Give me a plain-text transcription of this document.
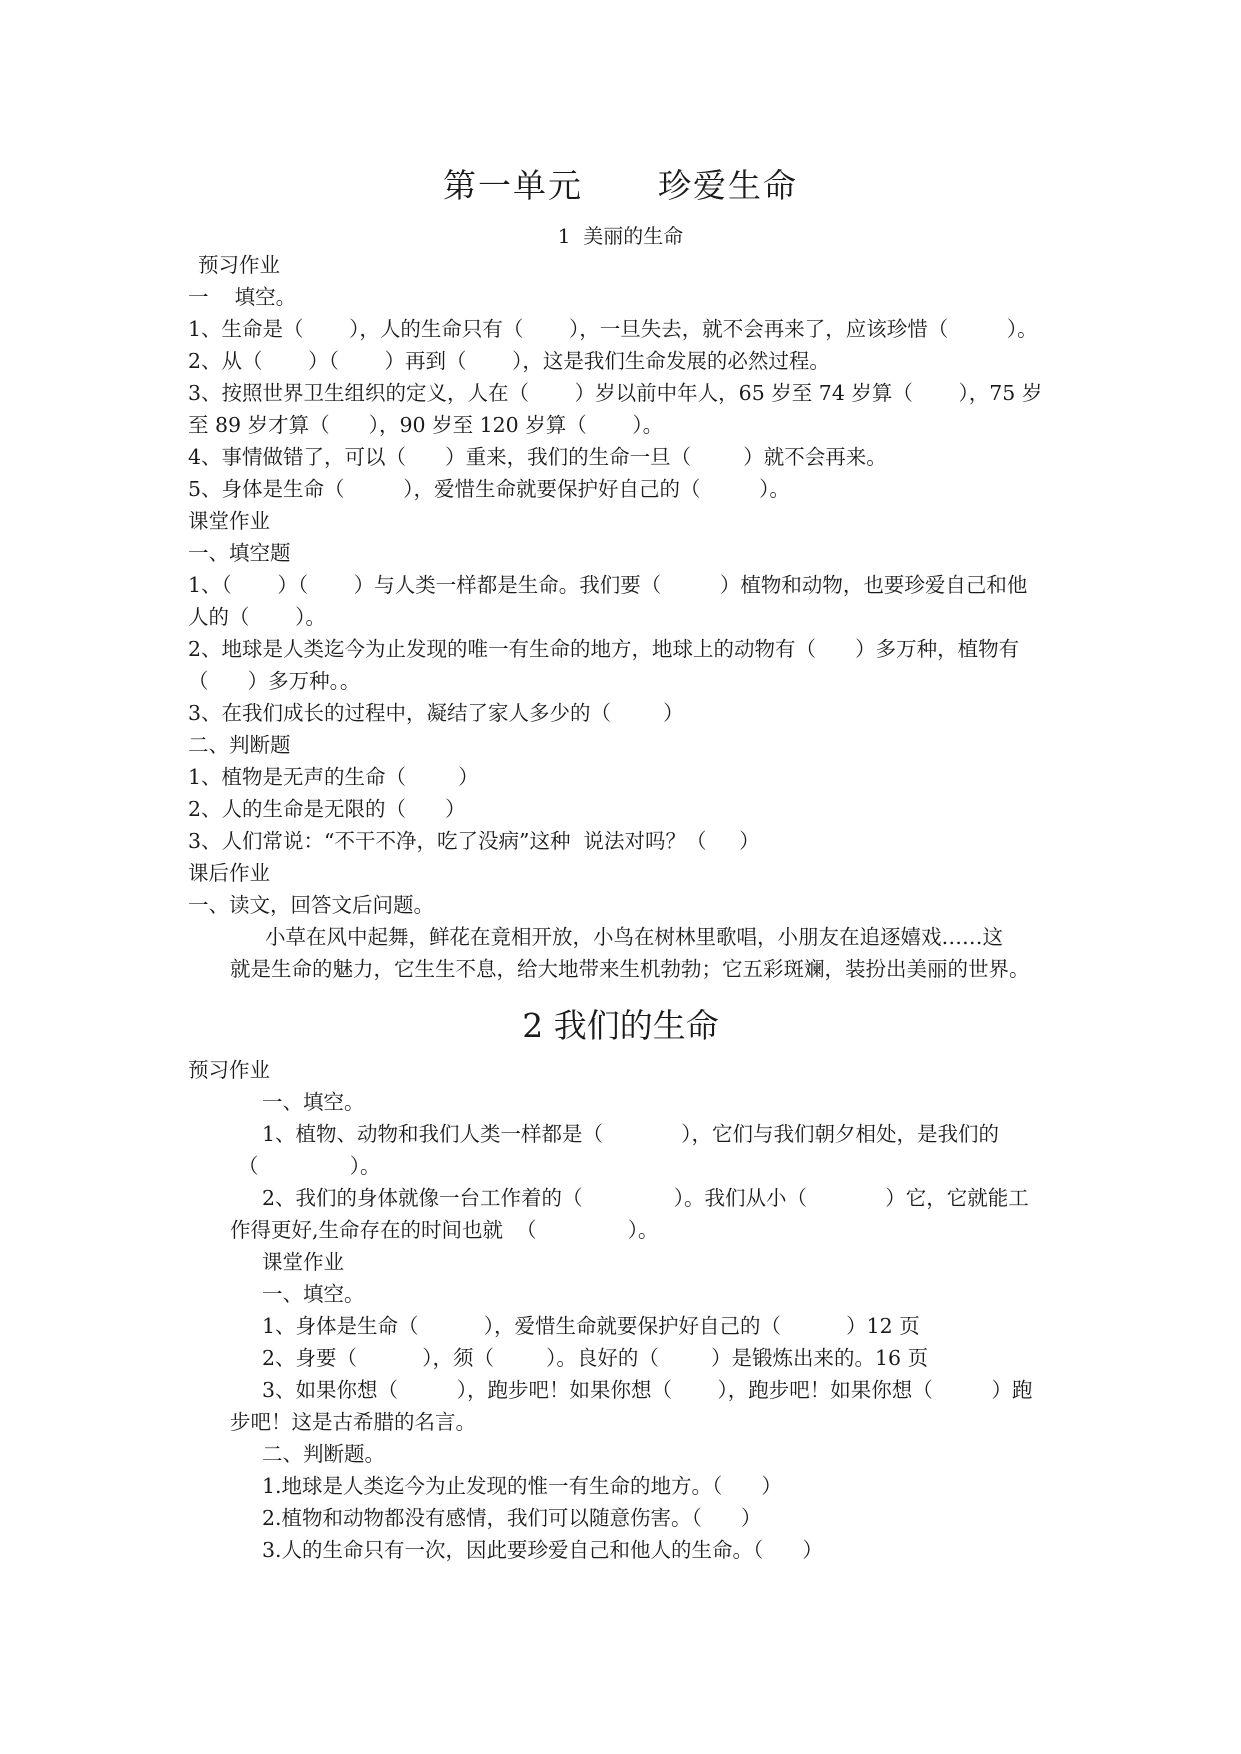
第一单元      珍爱生命
1  美丽的生命
预习作业
一    填空。
1、生命是（       ），人的生命只有（       ），一旦失去，就不会再来了，应该珍惜（         ）。
2、从（       ）（       ）再到（       ），这是我们生命发展的必然过程。
3、按照世界卫生组织的定义，人在（       ）岁以前中年人，65 岁至 74 岁算（       ），75 岁
至 89 岁才算（      ），90 岁至 120 岁算（       ）。
4、事情做错了，可以（      ）重来，我们的生命一旦（        ）就不会再来。
5、身体是生命（         ），爱惜生命就要保护好自己的（         ）。
课堂作业
一、填空题
1、（       ）（       ）与人类一样都是生命。我们要（         ）植物和动物，也要珍爱自己和他
人的（       ）。
2、地球是人类迄今为止发现的唯一有生命的地方，地球上的动物有（      ）多万种，植物有
（      ）多万种。。
3、在我们成长的过程中，凝结了家人多少的（        ）
二、判断题
1、植物是无声的生命（        ）
2、人的生命是无限的（      ）
3、人们常说：“不干不净，吃了没病”这种  说法对吗？（     ）
课后作业
一、读文，回答文后问题。
小草在风中起舞，鲜花在竟相开放，小鸟在树林里歌唱，小朋友在追逐嬉戏……这
就是生命的魅力，它生生不息，给大地带来生机勃勃；它五彩斑斓，装扮出美丽的世界。
2 我们的生命
预习作业
一、填空。
1、植物、动物和我们人类一样都是（            ），它们与我们朝夕相处，是我们的
（              ）。
2、我们的身体就像一台工作着的（              ）。我们从小（            ）它，它就能工
作得更好,生命存在的时间也就  （              ）。
课堂作业
一、填空。
1、身体是生命（          ），爱惜生命就要保护好自己的（          ）12 页
2、身要（          ），须（        ）。良好的（        ）是锻炼出来的。16 页
3、如果你想（         ），跑步吧！如果你想（       ），跑步吧！如果你想（         ）跑
步吧！这是古希腊的名言。
二、判断题。
1.地球是人类迄今为止发现的惟一有生命的地方。（      ）
2.植物和动物都没有感情，我们可以随意伤害。（      ）
3.人的生命只有一次，因此要珍爱自己和他人的生命。（      ）
